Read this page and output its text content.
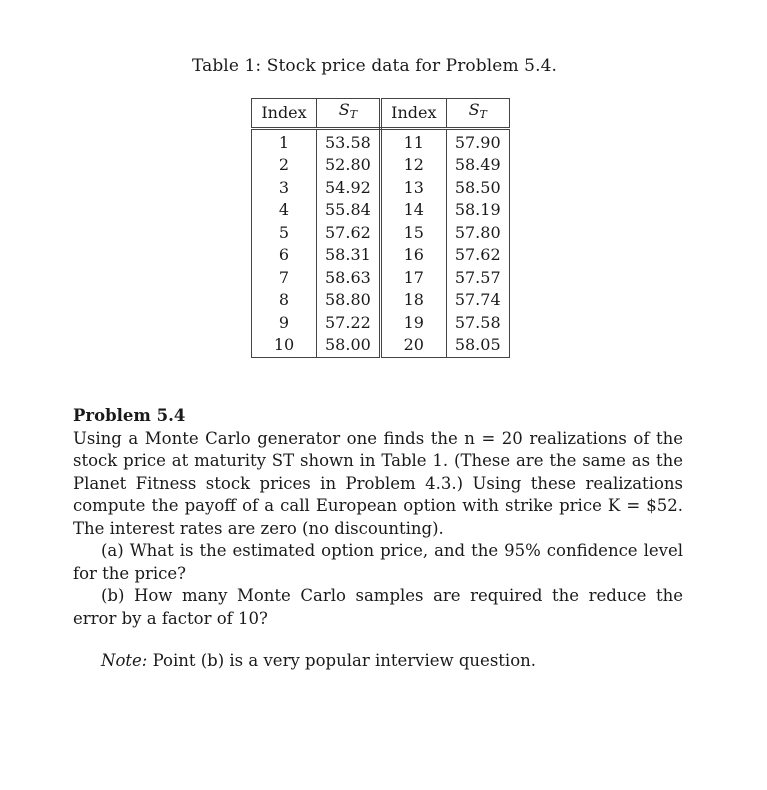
Table 1: Stock price data for Problem 5.4.
Index	$S_T$	Index	$S_T$
1	53.58	11	57.90
2	52.80	12	58.49
3	54.92	13	58.50
4	55.84	14	58.19
5	57.62	15	57.80
6	58.31	16	57.62
7	58.63	17	57.57
8	58.80	18	57.74
9	57.22	19	57.58
10	58.00	20	58.05

Problem 5.4

Using a Monte Carlo generator one finds the n = 20 realizations of the stock price at maturity ST shown in Table 1. (These are the same as the Planet Fitness stock prices in Problem 4.3.) Using these realizations compute the payoff of a call European option with strike price K = $52. The interest rates are zero (no discounting).

(a) What is the estimated option price, and the 95% confidence level for the price?

(b) How many Monte Carlo samples are required the reduce the error by a factor of 10?

Note: Point (b) is a very popular interview question.
